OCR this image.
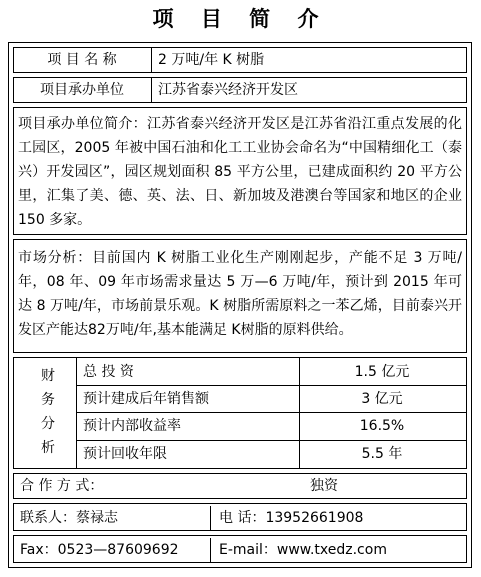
项 目 简 介
项 目 名 称	2 万吨/年 K 树脂
项目承办单位	江苏省泰兴经济开发区
项目承办单位简介：江苏省泰兴经济开发区是江苏省沿江重点发展的化工园区，2005 年被中国石油和化工工业协会命名为“中国精细化工（泰兴）开发园区”，园区规划面积 85 平方公里，已建成面积约 20 平方公里，汇集了美、德、英、法、日、新加坡及港澳台等国家和地区的企业 150 多家。
市场分析：目前国内 K 树脂工业化生产刚刚起步，产能不足 3 万吨/年，08 年、09 年市场需求量达 5 万—6 万吨/年，预计到 2015 年可达 8 万吨/年，市场前景乐观。K 树脂所需原料之一苯乙烯，目前泰兴开发区产能达82万吨/年,基本能满足 K树脂的原料供给。
财
务
分
析
总 投 资	1.5 亿元
预计建成后年销售额	3 亿元
预计内部收益率	16.5%
预计回收年限	5.5 年
合 作 方 式：	独资
联系人：蔡禄志	电 话：13952661908
Fax：0523—87609692	E-mail：www.txedz.com
